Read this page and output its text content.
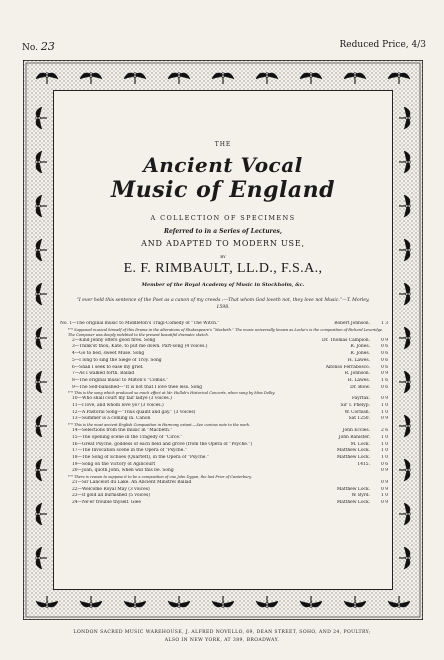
No. 23	Reduced Price, 4/3
THE
Ancient Vocal
Music of England
A COLLECTION OF SPECIMENS
Referred to in a Series of Lectures,
AND ADAPTED TO MODERN USE,
BY
E. F. RIMBAULT, LL.D., F.S.A.,
Member of the Royal Academy of Music in Stockholm, &c.
“I ever held this sentence of the Poet as a canon of my creeds :—That whom God loveth not, they love not Music.”—T. Morley, 1598.
No. 1—The original music to Middleton's Tragi-Comedy of “The Witch.”	Robert Johnson.	1 3
*″* Supposed musical himself of this Drama in the alterations of Shakespeare's “Macbeth.” The music universally known as Locke's is the composition of Richard Leveridge. The Composer was deeply indebted to the present beautiful dramatic sketch.
2—Kind Jenny offers good fires. Song	Dr. Thomas Campion.	0 9
3—Think'st thou, Kate, to put me down. Part-song (4 voices.)	R. Jones.	0 6
4—Go to bed, sweet Muse. Song	R. Jones.	0 6
5—I long to sing the Siege of Troy. Song	H. Lawes.	0 6
6—Shall I seek to ease my grief.	Alfonso Ferrabosco.	0 6
7—As I walked forth. Ballad	R. Johnson.	0 9
8—The original music to Milton's “Comus.”	H. Lawes.	1 6
9—The Self-banished—“It is not that I love thee less. Song	Dr. Blow.	0 6
*″* This is the song which produced so much effect at Mr. Hullah's Historical Concerts, when sung by Miss Dolby.
10—Who shall court my fair ladye (3 voices.)	Fayrfax.	0 9
11—I love, and whom love ye? (3 voices.)	Sir T. Phelyp.	1 0
12—A Pastoral Song—“Thus quaint and gay.” (3 voices)	W. Cornish.	1 0
13—Summer is a coming in. Canon	Sat 1250.	0 9
*″* This is the most ancient English Composition in Harmony extant.—See curious note to the work.
14—Selections from the music in “Macbeth.”	John Eccles.	2 6
15—The opening scene in the Tragedy of “Circe.”	John Banister.	1 0
16—Great Psyche, goddess of each field and grove (from the Opera of “Psyche.”)	M. Lock.	1 0
17—The Invocation scene in the Opera of “Psyche.”	Matthew Lock.	1 0
18—The Song of Echoes (Quartett), in the Opera of “Psyche.”	Matthew Lock.	1 0
19—Song on the Victory of Agincourt	1415.	0 6
20—Joan, quoth John, when will this be. Song	0 9
*″* There is reason to suppose it to be a composition of one John Dygon, the last Prior of Canterbury.
21—Sir Lancelot du Lake. An Ancient Minstrel Ballad	0 9
22—Welcome Royal May (3 voices)	Matthew Lock.	0 9
23—If gold all burnished (5 voices)	W. Byrd.	1 0
24—Ne'er trouble thyself. Glee	Matthew Lock.	0 9
LONDON SACRED MUSIC WAREHOUSE, J. ALFRED NOVELLO, 69, DEAN STREET, SOHO, AND 24, POULTRY;
ALSO IN NEW YORK, AT 389, BROADWAY.
